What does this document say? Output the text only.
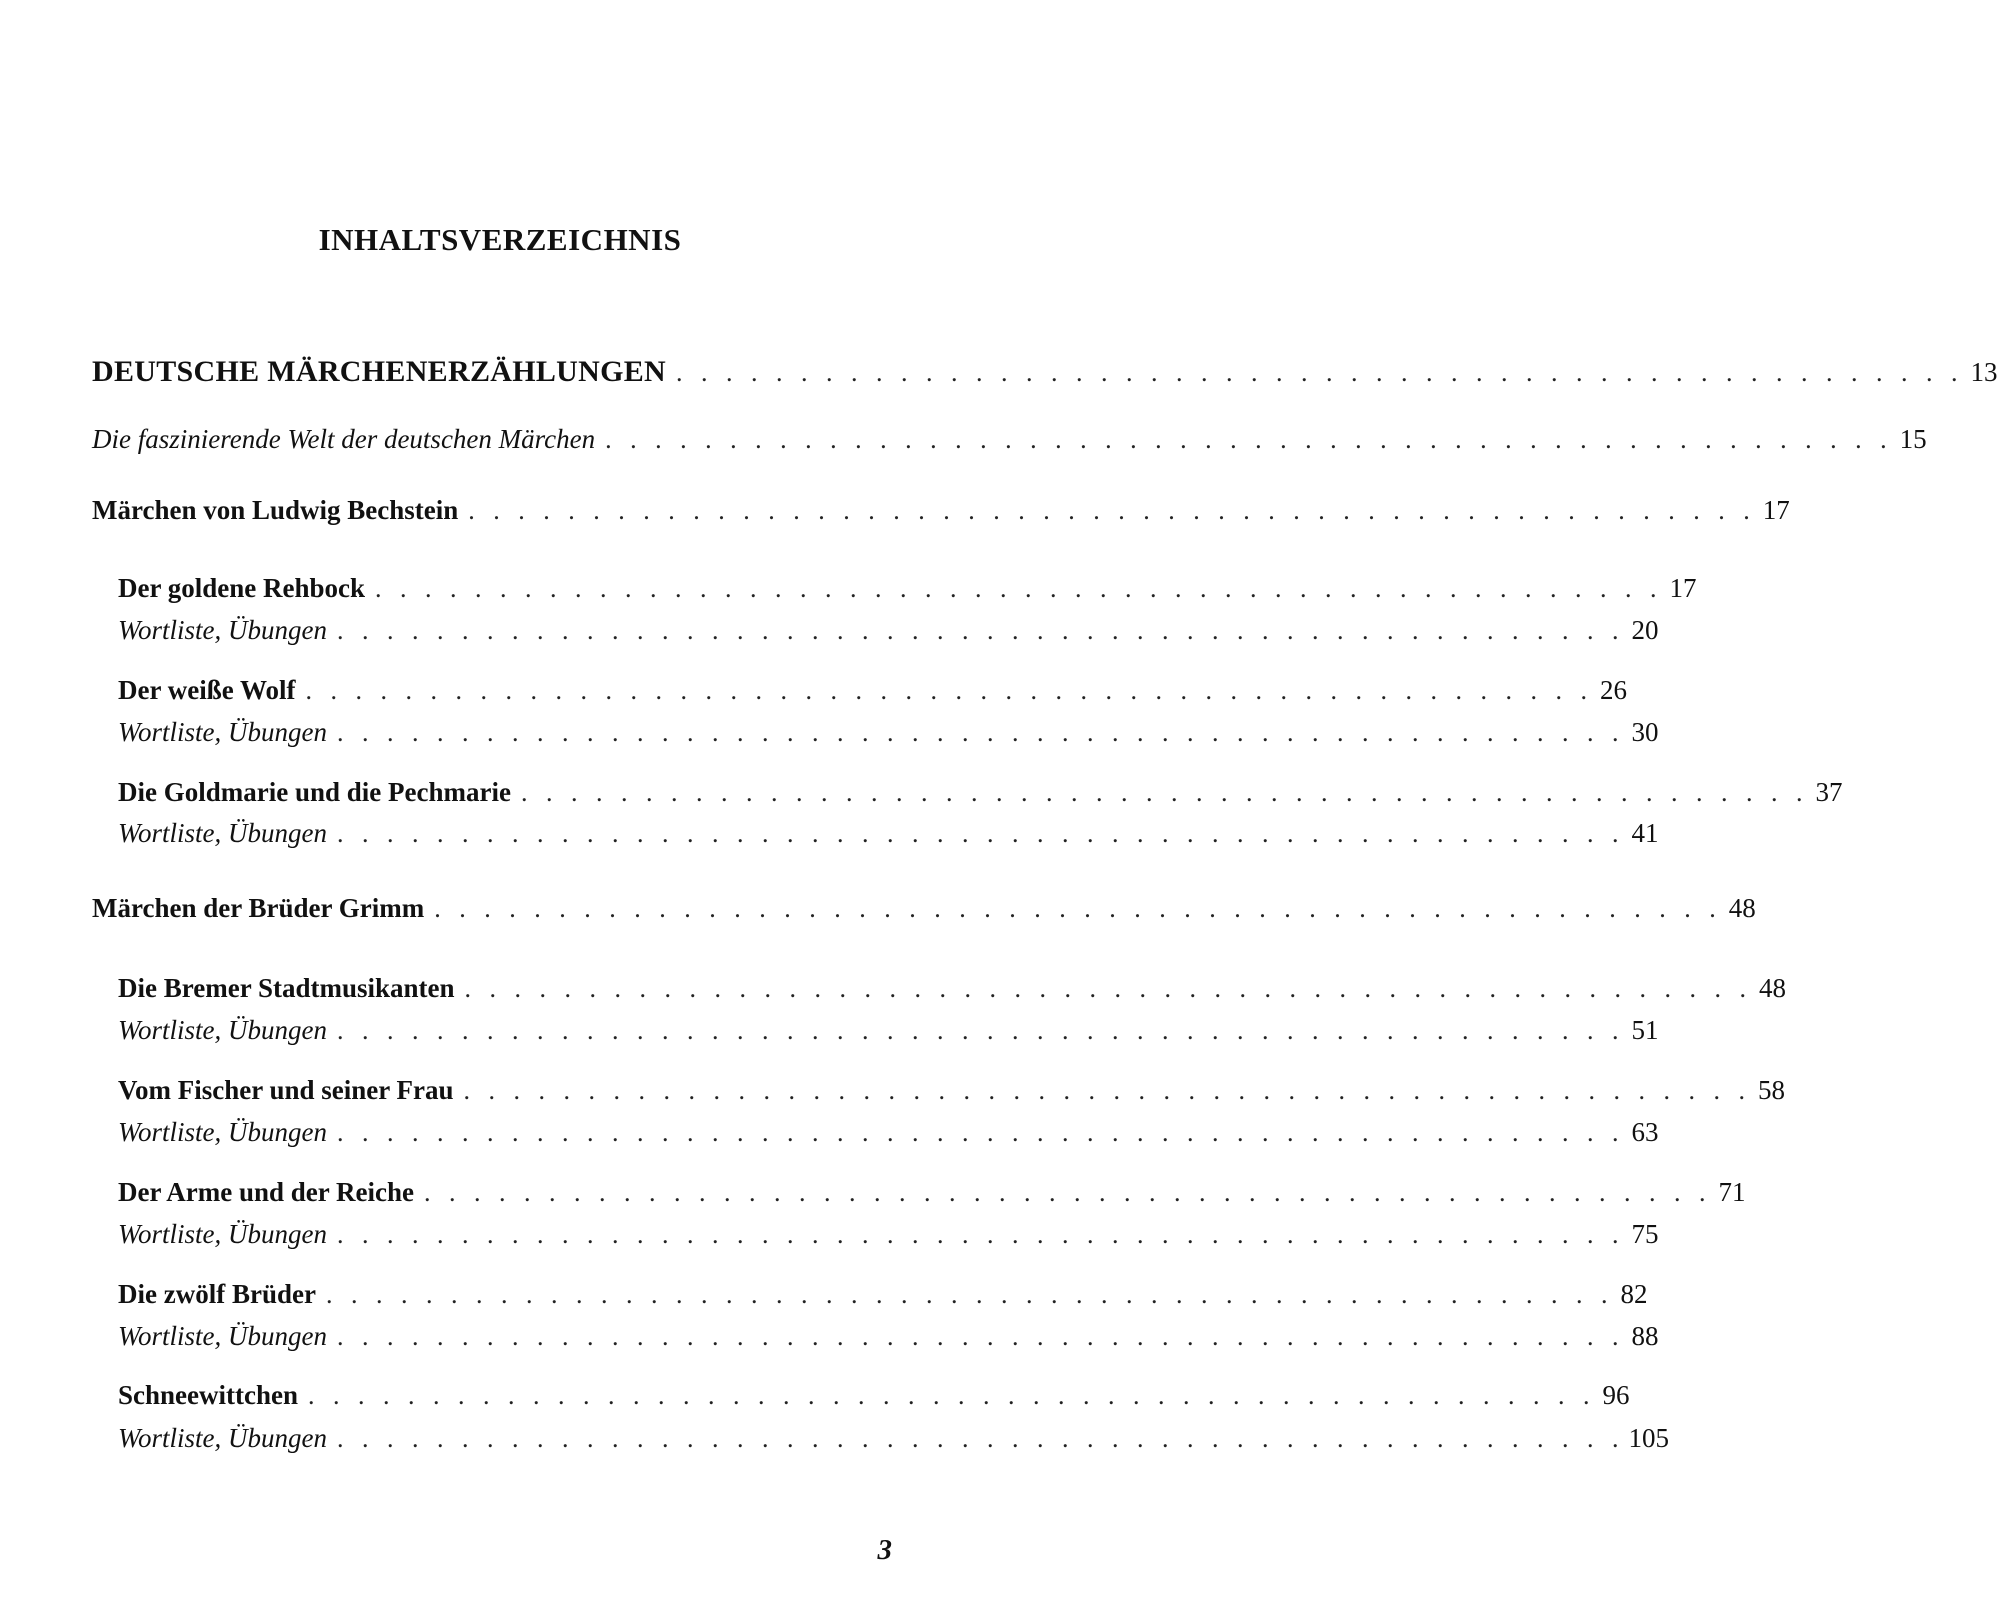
INHALTSVERZEICHNIS
DEUTSCHE MÄRCHENERZÄHLUNGEN . . . . . . . . . . . . . . . . . . . . . . . . . . . . . . . . . . . . . . . . . . . . . . . . . . . . 13
Die faszinierende Welt der deutschen Märchen . . . . . . . . . . . . . . . . . . . . . . . . . . . . . . . . . . . . . . . . . . . . . . . . . . . . 15
Märchen von Ludwig Bechstein . . . . . . . . . . . . . . . . . . . . . . . . . . . . . . . . . . . . . . . . . . . . . . . . . . . . 17
Der goldene Rehbock . . . . . . . . . . . . . . . . . . . . . . . . . . . . . . . . . . . . . . . . . . . . . . . . . . . . 17
Wortliste, Übungen . . . . . . . . . . . . . . . . . . . . . . . . . . . . . . . . . . . . . . . . . . . . . . . . . . . . 20
Der weiße Wolf . . . . . . . . . . . . . . . . . . . . . . . . . . . . . . . . . . . . . . . . . . . . . . . . . . . . 26
Wortliste, Übungen . . . . . . . . . . . . . . . . . . . . . . . . . . . . . . . . . . . . . . . . . . . . . . . . . . . . 30
Die Goldmarie und die Pechmarie . . . . . . . . . . . . . . . . . . . . . . . . . . . . . . . . . . . . . . . . . . . . . . . . . . . . 37
Wortliste, Übungen . . . . . . . . . . . . . . . . . . . . . . . . . . . . . . . . . . . . . . . . . . . . . . . . . . . . 41
Märchen der Brüder Grimm . . . . . . . . . . . . . . . . . . . . . . . . . . . . . . . . . . . . . . . . . . . . . . . . . . . . 48
Die Bremer Stadtmusikanten . . . . . . . . . . . . . . . . . . . . . . . . . . . . . . . . . . . . . . . . . . . . . . . . . . . . 48
Wortliste, Übungen . . . . . . . . . . . . . . . . . . . . . . . . . . . . . . . . . . . . . . . . . . . . . . . . . . . . 51
Vom Fischer und seiner Frau . . . . . . . . . . . . . . . . . . . . . . . . . . . . . . . . . . . . . . . . . . . . . . . . . . . . 58
Wortliste, Übungen . . . . . . . . . . . . . . . . . . . . . . . . . . . . . . . . . . . . . . . . . . . . . . . . . . . . 63
Der Arme und der Reiche . . . . . . . . . . . . . . . . . . . . . . . . . . . . . . . . . . . . . . . . . . . . . . . . . . . . 71
Wortliste, Übungen . . . . . . . . . . . . . . . . . . . . . . . . . . . . . . . . . . . . . . . . . . . . . . . . . . . . 75
Die zwölf Brüder . . . . . . . . . . . . . . . . . . . . . . . . . . . . . . . . . . . . . . . . . . . . . . . . . . . . 82
Wortliste, Übungen . . . . . . . . . . . . . . . . . . . . . . . . . . . . . . . . . . . . . . . . . . . . . . . . . . . . 88
Schneewittchen . . . . . . . . . . . . . . . . . . . . . . . . . . . . . . . . . . . . . . . . . . . . . . . . . . . . 96
Wortliste, Übungen . . . . . . . . . . . . . . . . . . . . . . . . . . . . . . . . . . . . . . . . . . . . . . . . . . . . 105
3
